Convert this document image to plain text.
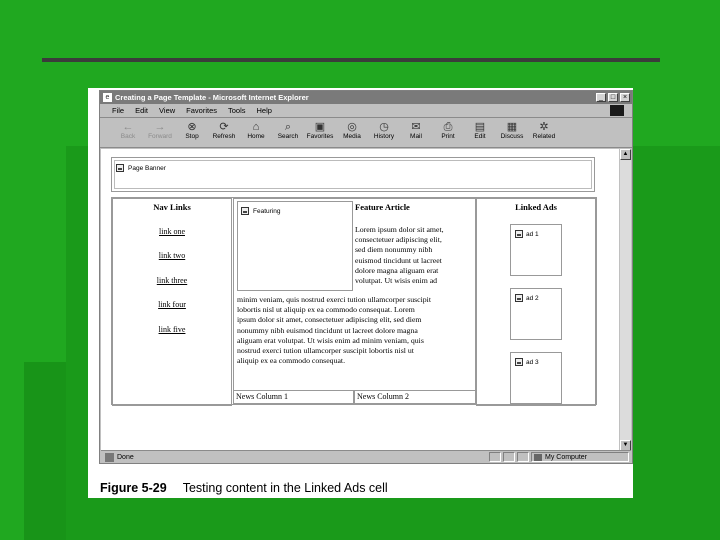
e Creating a Page Template - Microsoft Internet Explorer	_	□	×
File Edit View Favorites Tools Help
←
Back
→
Forward
⊗
Stop
⟳
Refresh
⌂
Home
⌕
Search
▣
Favorites
◎
Media
◷
History
✉
Mail
⎙
Print
▤
Edit
▦
Discuss
✲
Related
Page Banner
Nav Links
link one
link two
link three
link four
link five
Featuring	Feature Article
Lorem ipsum dolor sit amet,
consectetuer adipiscing elit,
sed diem nonummy nibh
euismod tincidunt ut lacreet
dolore magna aliguam erat
volutpat. Ut wisis enim ad
minim veniam, quis nostrud exerci tution ullamcorper suscipit
lobortis nisl ut aliquip ex ea commodo consequat. Lorem
ipsum dolor sit amet, consectetuer adipiscing elit, sed diem
nonummy nibh euismod tincidunt ut lacreet dolore magna
aliguam erat volutpat. Ut wisis enim ad minim veniam, quis
nostrud exerci tution ullamcorper suscipit lobortis nisl ut
aliquip ex ea commodo consequat.
News Column 1	News Column 2
Linked Ads
ad 1
ad 2
ad 3
▲
▼
Done	My Computer
Figure 5-29 Testing content in the Linked Ads cell
